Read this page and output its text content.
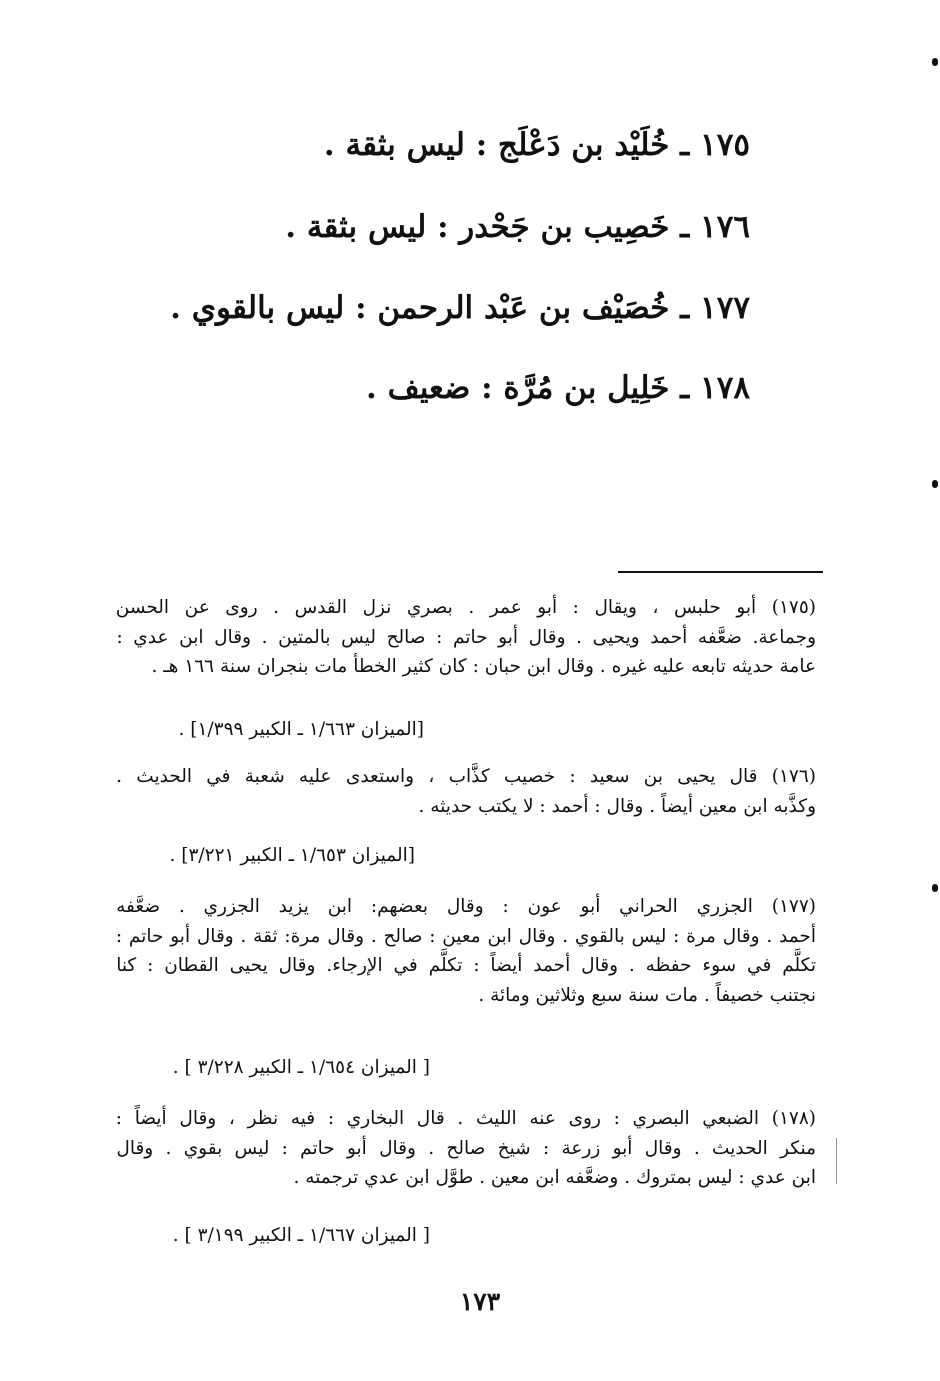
١٧٥ ـ خُلَيْد بن دَعْلَج : ليس بثقة .
١٧٦ ـ خَصِيب بن جَحْدر : ليس بثقة .
١٧٧ ـ خُصَيْف بن عَبْد الرحمن : ليس بالقوي .
١٧٨ ـ خَلِيل بن مُرَّة : ضعيف .
(١٧٥) أبو حلبس ، ويقال : أبو عمر . بصري نزل القدس . روى عن الحسن
وجماعة. ضعَّفه أحمد ويحيى . وقال أبو حاتم : صالح ليس بالمتين . وقال ابن عدي :
عامة حديثه تابعه عليه غيره . وقال ابن حبان : كان كثير الخطأ مات بنجران سنة ١٦٦ هـ .
[الميزان ١/٦٦٣ ـ الكبير ١/٣٩٩] .
(١٧٦) قال يحيى بن سعيد : خصيب كذَّاب ، واستعدى عليه شعبة في الحديث .
وكذَّبه ابن معين أيضاً . وقال : أحمد : لا يكتب حديثه .
[الميزان ١/٦٥٣ ـ الكبير ٣/٢٢١] .
(١٧٧) الجزري الحراني أبو عون : وقال بعضهم: ابن يزيد الجزري . ضعَّفه
أحمد . وقال مرة : ليس بالقوي . وقال ابن معين : صالح . وقال مرة: ثقة . وقال أبو حاتم :
تكلَّم في سوء حفظه . وقال أحمد أيضاً : تكلَّم في الإرجاء. وقال يحيى القطان : كنا
نجتنب خصيفاً . مات سنة سبع وثلاثين ومائة .
[ الميزان ١/٦٥٤ ـ الكبير ٣/٢٢٨ ] .
(١٧٨) الضبعي البصري : روى عنه الليث . قال البخاري : فيه نظر ، وقال أيضاً :
منكر الحديث . وقال أبو زرعة : شيخ صالح . وقال أبو حاتم : ليس بقوي . وقال
ابن عدي : ليس بمتروك . وضعَّفه ابن معين . طوَّل ابن عدي ترجمته .
[ الميزان ١/٦٦٧ ـ الكبير ٣/١٩٩ ] .
١٧٣
